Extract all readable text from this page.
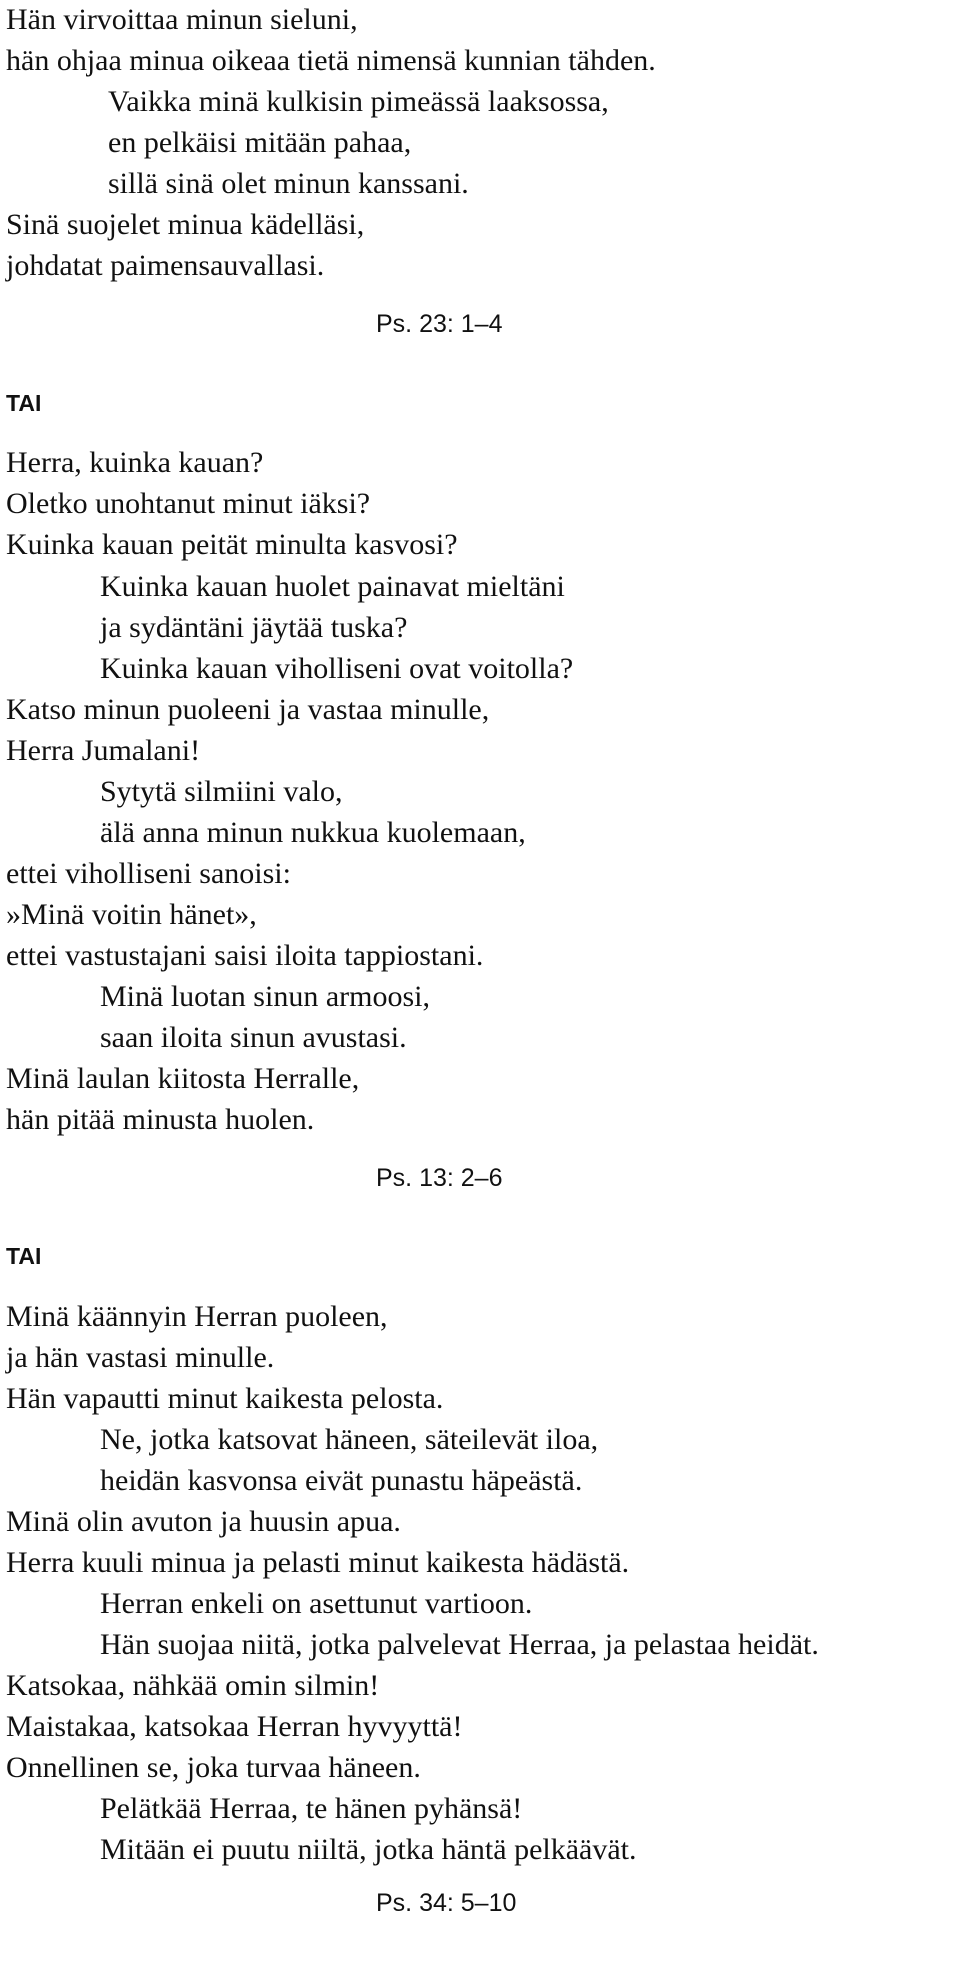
Hän virvoittaa minun sieluni,
hän ohjaa minua oikeaa tietä nimensä kunnian tähden.
Vaikka minä kulkisin pimeässä laaksossa,
en pelkäisi mitään pahaa,
sillä sinä olet minun kanssani.
Sinä suojelet minua kädelläsi,
johdatat paimensauvallasi.
Ps. 23: 1–4
TAI
Herra, kuinka kauan?
Oletko unohtanut minut iäksi?
Kuinka kauan peität minulta kasvosi?
Kuinka kauan huolet painavat mieltäni
ja sydäntäni jäytää tuska?
Kuinka kauan viholliseni ovat voitolla?
Katso minun puoleeni ja vastaa minulle,
Herra Jumalani!
Sytytä silmiini valo,
älä anna minun nukkua kuolemaan,
ettei viholliseni sanoisi:
»Minä voitin hänet»,
ettei vastustajani saisi iloita tappiostani.
Minä luotan sinun armoosi,
saan iloita sinun avustasi.
Minä laulan kiitosta Herralle,
hän pitää minusta huolen.
Ps. 13: 2–6
TAI
Minä käännyin Herran puoleen,
ja hän vastasi minulle.
Hän vapautti minut kaikesta pelosta.
Ne, jotka katsovat häneen, säteilevät iloa,
heidän kasvonsa eivät punastu häpeästä.
Minä olin avuton ja huusin apua.
Herra kuuli minua ja pelasti minut kaikesta hädästä.
Herran enkeli on asettunut vartioon.
Hän suojaa niitä, jotka palvelevat Herraa, ja pelastaa heidät.
Katsokaa, nähkää omin silmin!
Maistakaa, katsokaa Herran hyvyyttä!
Onnellinen se, joka turvaa häneen.
Pelätkää Herraa, te hänen pyhänsä!
Mitään ei puutu niiltä, jotka häntä pelkäävät.
Ps. 34: 5–10
